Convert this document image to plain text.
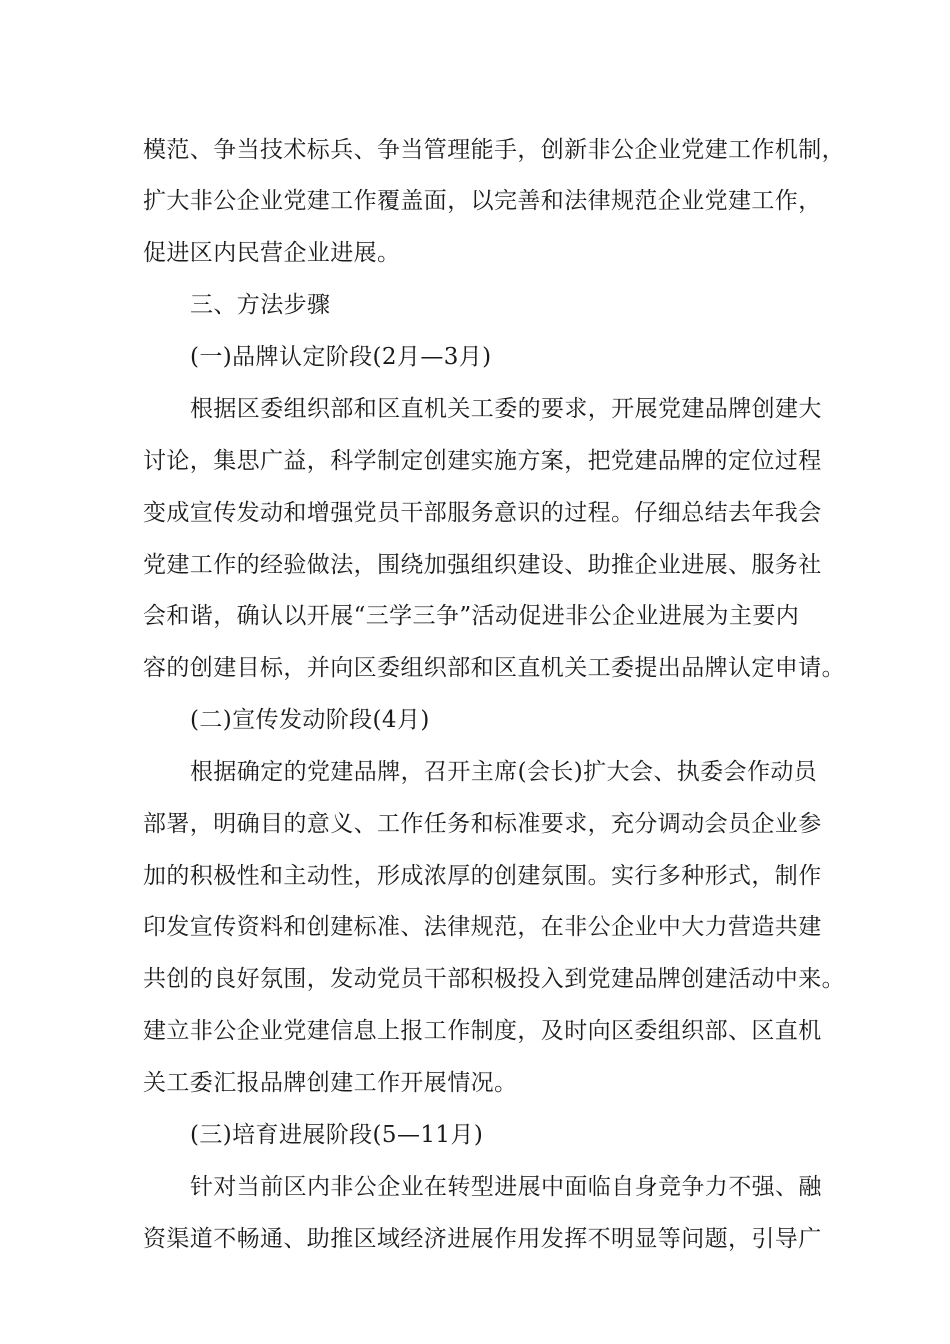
模范、争当技术标兵、争当管理能手，创新非公企业党建工作机制，
扩大非公企业党建工作覆盖面，以完善和法律规范企业党建工作，
促进区内民营企业进展。
三、方法步骤
(一)品牌认定阶段(2月—3月)
根据区委组织部和区直机关工委的要求，开展党建品牌创建大
讨论，集思广益，科学制定创建实施方案，把党建品牌的定位过程
变成宣传发动和增强党员干部服务意识的过程。仔细总结去年我会
党建工作的经验做法，围绕加强组织建设、助推企业进展、服务社
会和谐，确认以开展“三学三争”活动促进非公企业进展为主要内
容的创建目标，并向区委组织部和区直机关工委提出品牌认定申请。
(二)宣传发动阶段(4月)
根据确定的党建品牌，召开主席(会长)扩大会、执委会作动员
部署，明确目的意义、工作任务和标准要求，充分调动会员企业参
加的积极性和主动性，形成浓厚的创建氛围。实行多种形式，制作
印发宣传资料和创建标准、法律规范，在非公企业中大力营造共建
共创的良好氛围，发动党员干部积极投入到党建品牌创建活动中来。
建立非公企业党建信息上报工作制度，及时向区委组织部、区直机
关工委汇报品牌创建工作开展情况。
(三)培育进展阶段(5—11月)
针对当前区内非公企业在转型进展中面临自身竞争力不强、融
资渠道不畅通、助推区域经济进展作用发挥不明显等问题，引导广
